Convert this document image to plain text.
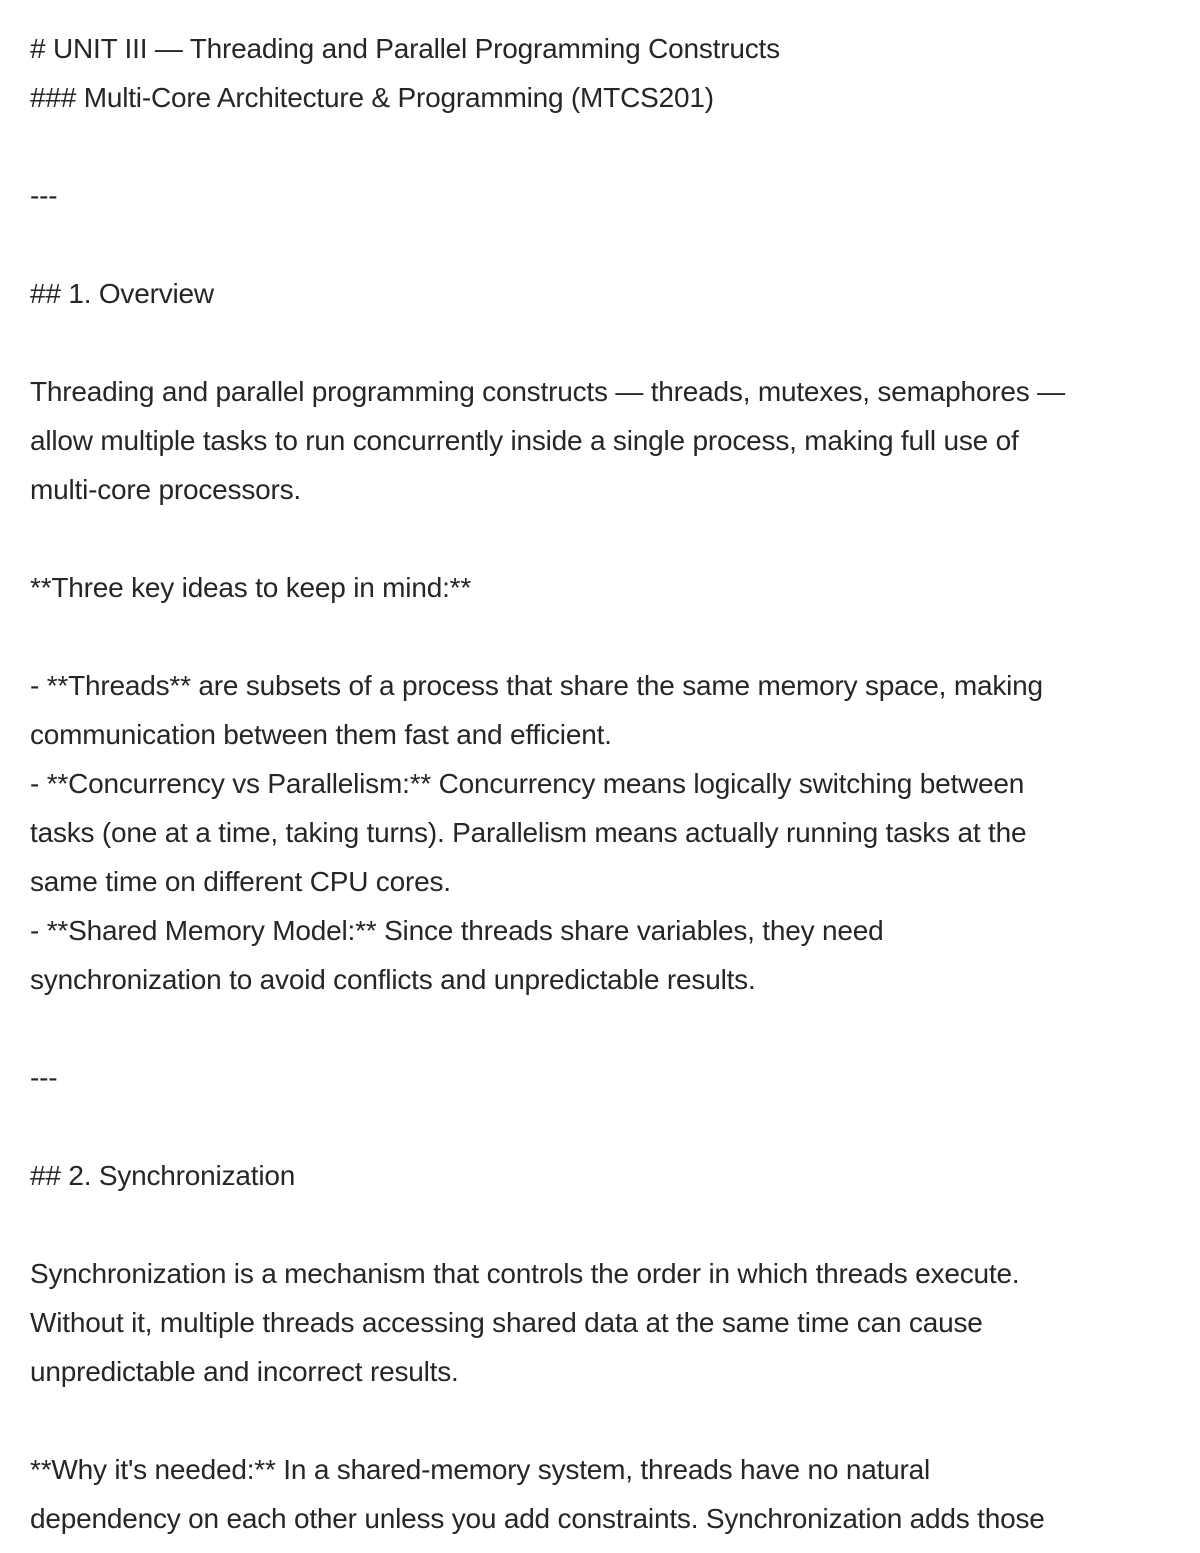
# UNIT III — Threading and Parallel Programming Constructs
### Multi-Core Architecture & Programming (MTCS201)
---
## 1. Overview
Threading and parallel programming constructs — threads, mutexes, semaphores —
allow multiple tasks to run concurrently inside a single process, making full use of
multi-core processors.
**Three key ideas to keep in mind:**
- **Threads** are subsets of a process that share the same memory space, making
communication between them fast and efficient.
- **Concurrency vs Parallelism:** Concurrency means logically switching between
tasks (one at a time, taking turns). Parallelism means actually running tasks at the
same time on different CPU cores.
- **Shared Memory Model:** Since threads share variables, they need
synchronization to avoid conflicts and unpredictable results.
---
## 2. Synchronization
Synchronization is a mechanism that controls the order in which threads execute.
Without it, multiple threads accessing shared data at the same time can cause
unpredictable and incorrect results.
**Why it's needed:** In a shared-memory system, threads have no natural
dependency on each other unless you add constraints. Synchronization adds those
